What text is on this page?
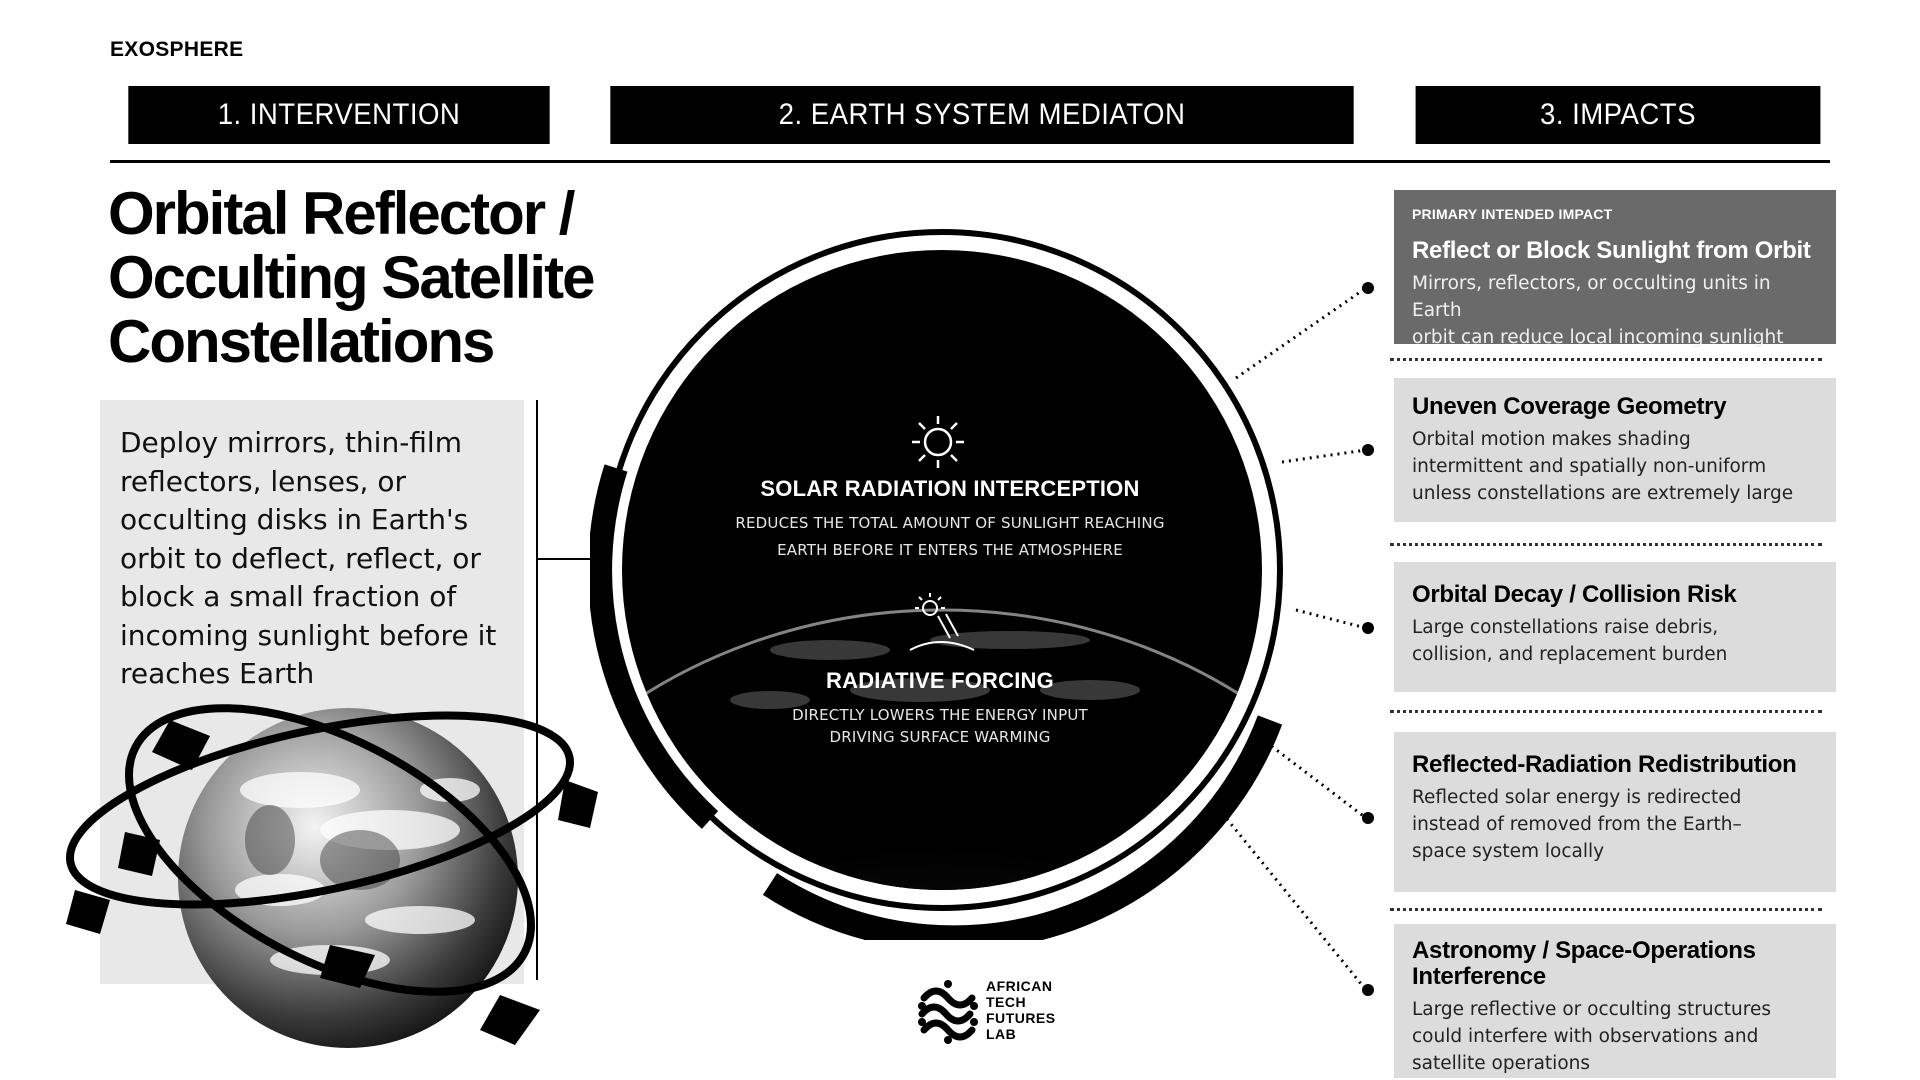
EXOSPHERE
1. INTERVENTION	2. EARTH SYSTEM MEDIATON	3. IMPACTS
Orbital Reflector /
Occulting Satellite
Constellations
Deploy mirrors, thin-film
reflectors, lenses, or
occulting disks in Earth's
orbit to deflect, reflect, or
block a small fraction of
incoming sunlight before it
reaches Earth
SOLAR RADIATION INTERCEPTION
REDUCES THE TOTAL AMOUNT OF SUNLIGHT REACHING
EARTH BEFORE IT ENTERS THE ATMOSPHERE
RADIATIVE FORCING
DIRECTLY LOWERS THE ENERGY INPUT
DRIVING SURFACE WARMING
PRIMARY INTENDED IMPACT
Reflect or Block Sunlight from Orbit
Mirrors, reflectors, or occulting units in Earth
orbit can reduce local incoming sunlight
Uneven Coverage Geometry
Orbital motion makes shading
intermittent and spatially non-uniform
unless constellations are extremely large
Orbital Decay / Collision Risk
Large constellations raise debris,
collision, and replacement burden
Reflected-Radiation Redistribution
Reflected solar energy is redirected
instead of removed from the Earth–
space system locally
Astronomy / Space-Operations
Interference
Large reflective or occulting structures
could interfere with observations and
satellite operations
AFRICAN
TECH
FUTURES
LAB
